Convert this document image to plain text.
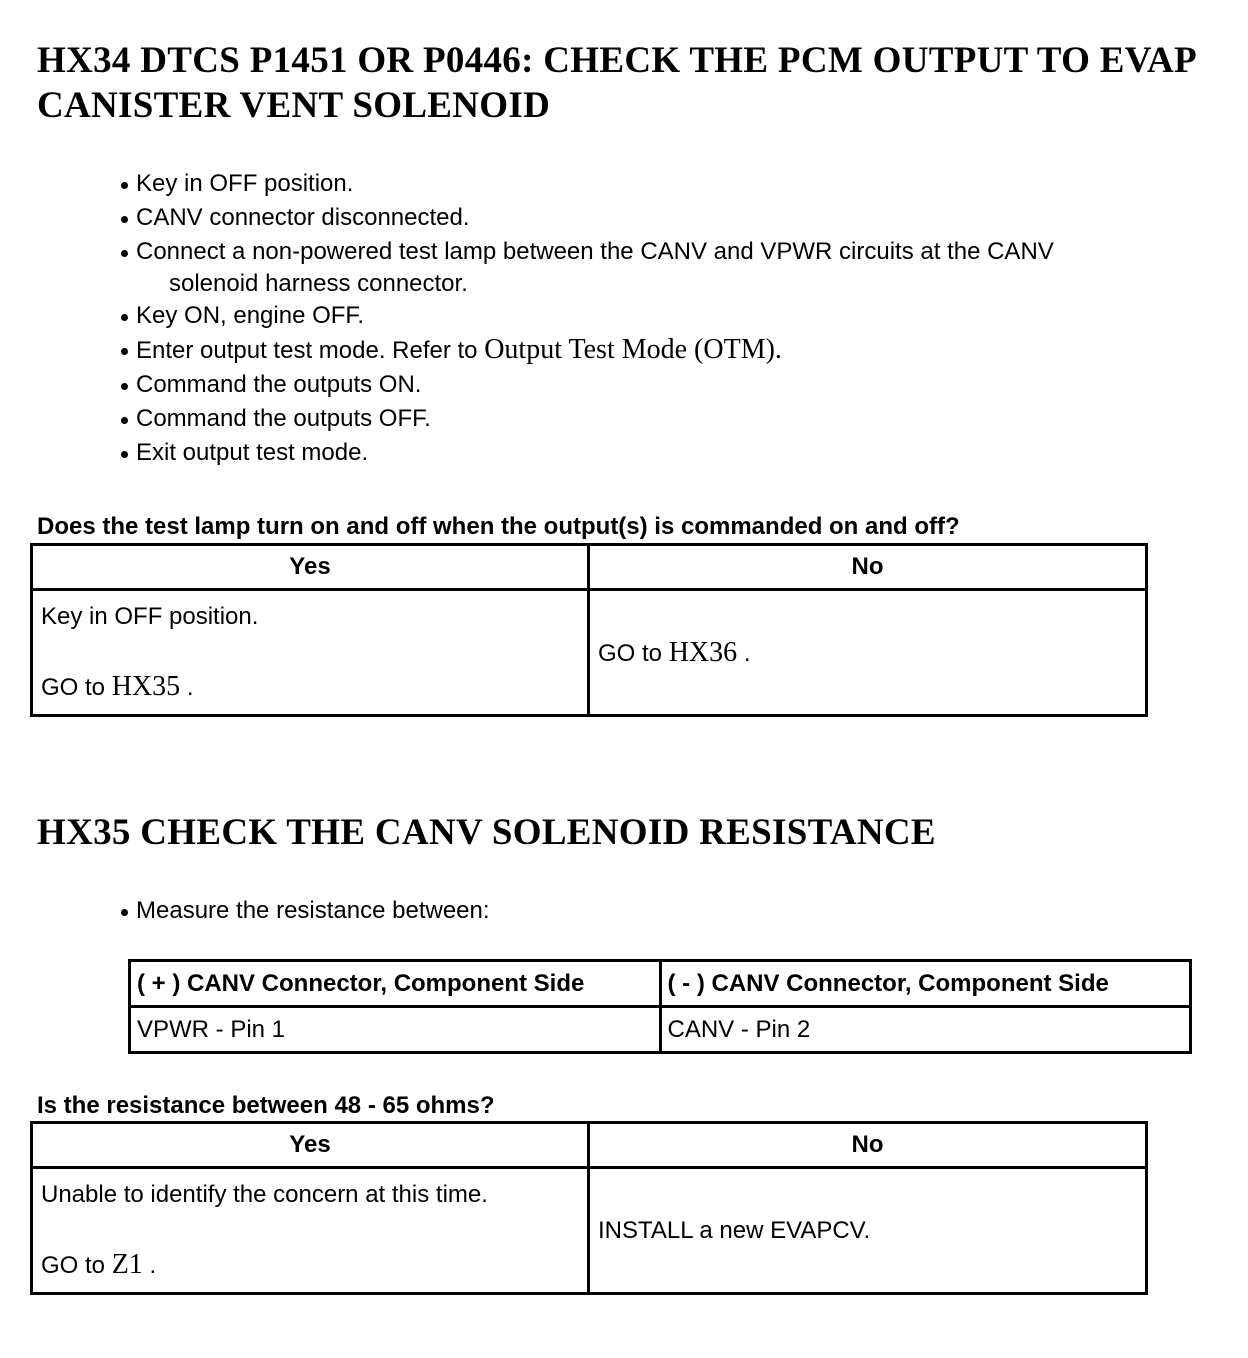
HX34 DTCS P1451 OR P0446: CHECK THE PCM OUTPUT TO EVAP CANISTER VENT SOLENOID
Key in OFF position.
CANV connector disconnected.
Connect a non-powered test lamp between the CANV and VPWR circuits at the CANV
solenoid harness connector.
Key ON, engine OFF.
Enter output test mode. Refer to Output Test Mode (OTM).
Command the outputs ON.
Command the outputs OFF.
Exit output test mode.
Does the test lamp turn on and off when the output(s) is commanded on and off?
Yes	No

Key in OFF position.
GO to HX35 .	GO to HX36 .
HX35 CHECK THE CANV SOLENOID RESISTANCE
Measure the resistance between:
( + ) CANV Connector, Component Side	( - ) CANV Connector, Component Side
VPWR - Pin 1	CANV - Pin 2
Is the resistance between 48 - 65 ohms?
Yes	No

Unable to identify the concern at this time.
GO to Z1 .	INSTALL a new EVAPCV.
